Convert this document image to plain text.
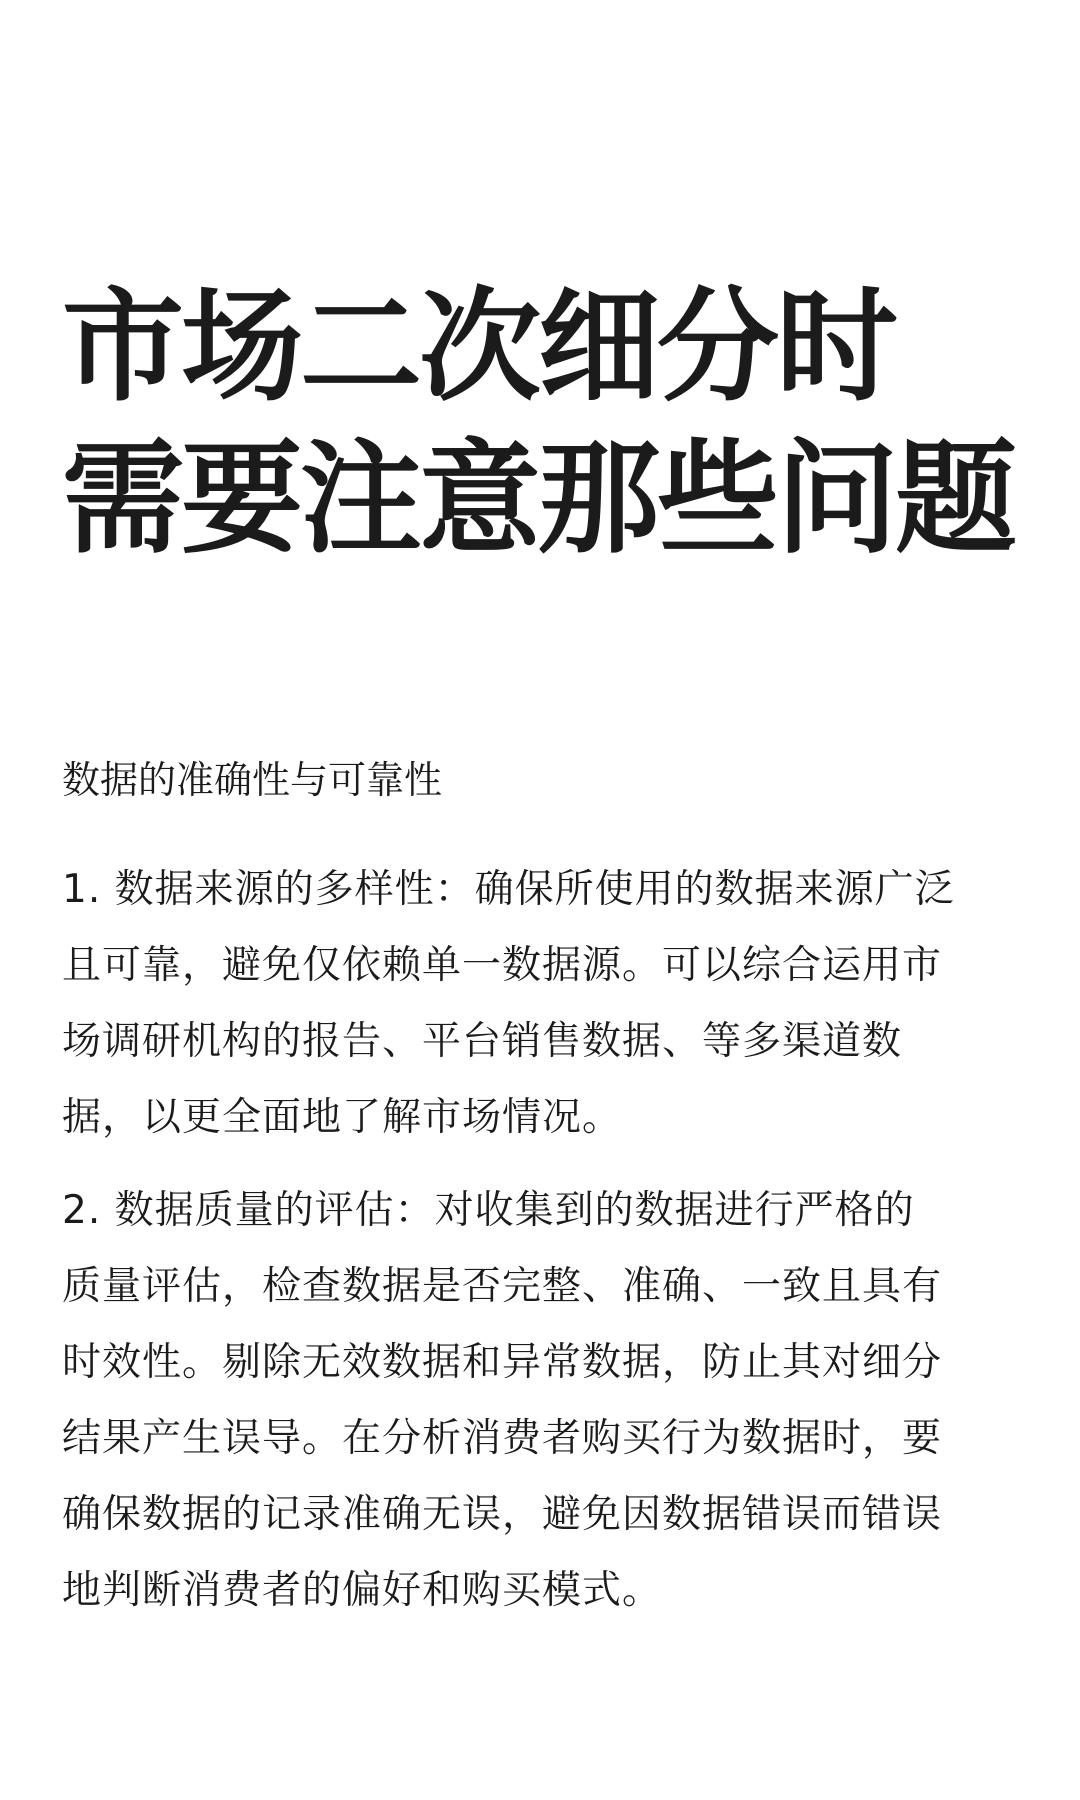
市场二次细分时
需要注意那些问题
数据的准确性与可靠性

1. 数据来源的多样性：确保所使用的数据来源广泛
且可靠，避免仅依赖单一数据源。可以综合运用市
场调研机构的报告、平台销售数据、等多渠道数
据，以更全面地了解市场情况。

2. 数据质量的评估：对收集到的数据进行严格的
质量评估，检查数据是否完整、准确、一致且具有
时效性。剔除无效数据和异常数据，防止其对细分
结果产生误导。在分析消费者购买行为数据时，要
确保数据的记录准确无误，避免因数据错误而错误
地判断消费者的偏好和购买模式。
